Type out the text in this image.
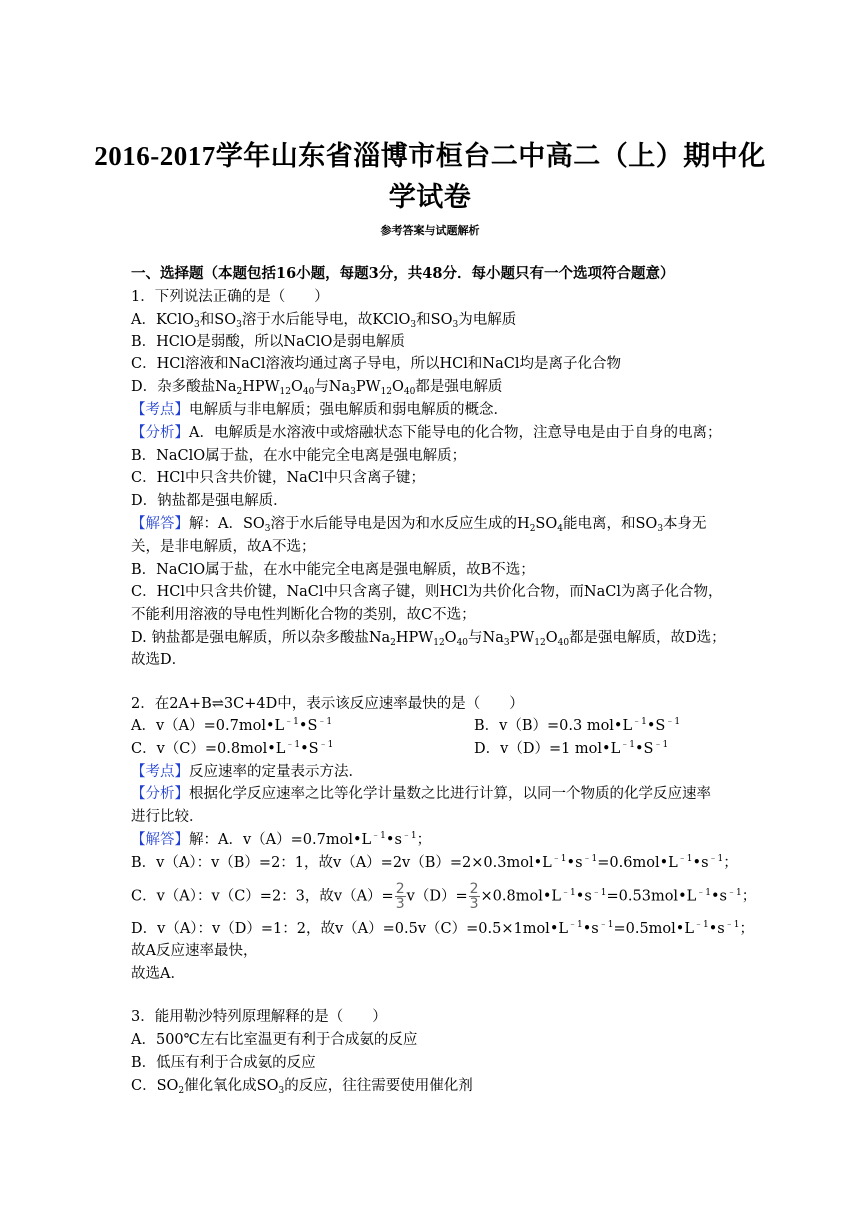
2016-2017学年山东省淄博市桓台二中高二（上）期中化
学试卷
参考答案与试题解析
一、选择题（本题包括16小题，每题3分，共48分．每小题只有一个选项符合题意）
1．下列说法正确的是（　　）
A．KClO$_3$和$SO_3$溶于水后能导电，故KClO$_3$和$SO_3$为电解质
B．HClO是弱酸，所以NaClO是弱电解质
C．HCl溶液和NaCl溶液均通过离子导电，所以HCl和NaCl均是离子化合物
D．杂多酸盐$Na_2HPW_{12}O_{40}$与$Na_3PW_{12}O_{40}$都是强电解质
【考点】电解质与非电解质；强电解质和弱电解质的概念．
【分析】A．电解质是水溶液中或熔融状态下能导电的化合物，注意导电是由于自身的电离；
B．NaClO属于盐，在水中能完全电离是强电解质；
C．HCl中只含共价键，NaCl中只含离子键；
D．钠盐都是强电解质．
【解答】解：A．$SO_3$溶于水后能导电是因为和水反应生成的$H_2SO_4$能电离，和$SO_3$本身无
关，是非电解质，故A不选；
B．NaClO属于盐，在水中能完全电离是强电解质，故B不选；
C．HCl中只含共价键，NaCl中只含离子键，则HCl为共价化合物，而NaCl为离子化合物，
不能利用溶液的导电性判断化合物的类别，故C不选；
D. 钠盐都是强电解质，所以杂多酸盐$Na_2HPW_{12}O_{40}$与$Na_3PW_{12}O_{40}$都是强电解质，故D选；
故选D．
2．在2A+B⇌3C+4D中，表示该反应速率最快的是（　　）
A．$v(A)=0.7mol•L^{﹣1}•S^{﹣1}$	B．v（B）=0.3 $mol•L^{﹣1}•S^{﹣1}$
C．$v(C)=0.8mol•L^{﹣1}•S^{﹣1}$	D．v（D）=1 $mol•L^{﹣1}•S^{﹣1}$
【考点】反应速率的定量表示方法．
【分析】根据化学反应速率之比等化学计量数之比进行计算，以同一个物质的化学反应速率
进行比较．
【解答】解：A．$v(A)=0.7mol•L^{﹣1}•s^{﹣1}$；
B．v（A）：v（B）=2：1，故$v(A)=2v(B)=2\times 0.3mol•L^{﹣1}•s^{﹣1}=0.6mol•L^{﹣1}•s^{﹣1}$；
C．v（A）：v（C）=2：3，故$v(A)= \frac{2}{3} v(D)= \frac{2}{3}$ $\times 0.8mol•L^{﹣1}•s^{﹣1}=0.53mol•L^{﹣1}•s^{﹣1}$；
D．v（A）：v（D）=1：2，故$v(A)=0.5v(C)=0.5\times 1mol•L^{﹣1}•s^{﹣1}=0.5mol•L^{﹣1}•s^{﹣1}$；
故A反应速率最快，
故选A．
3．能用勒沙特列原理解释的是（　　）
A．500℃左右比室温更有利于合成氨的反应
B．低压有利于合成氨的反应
C．$SO_2$催化氧化成$SO_3$的反应，往往需要使用催化剂
